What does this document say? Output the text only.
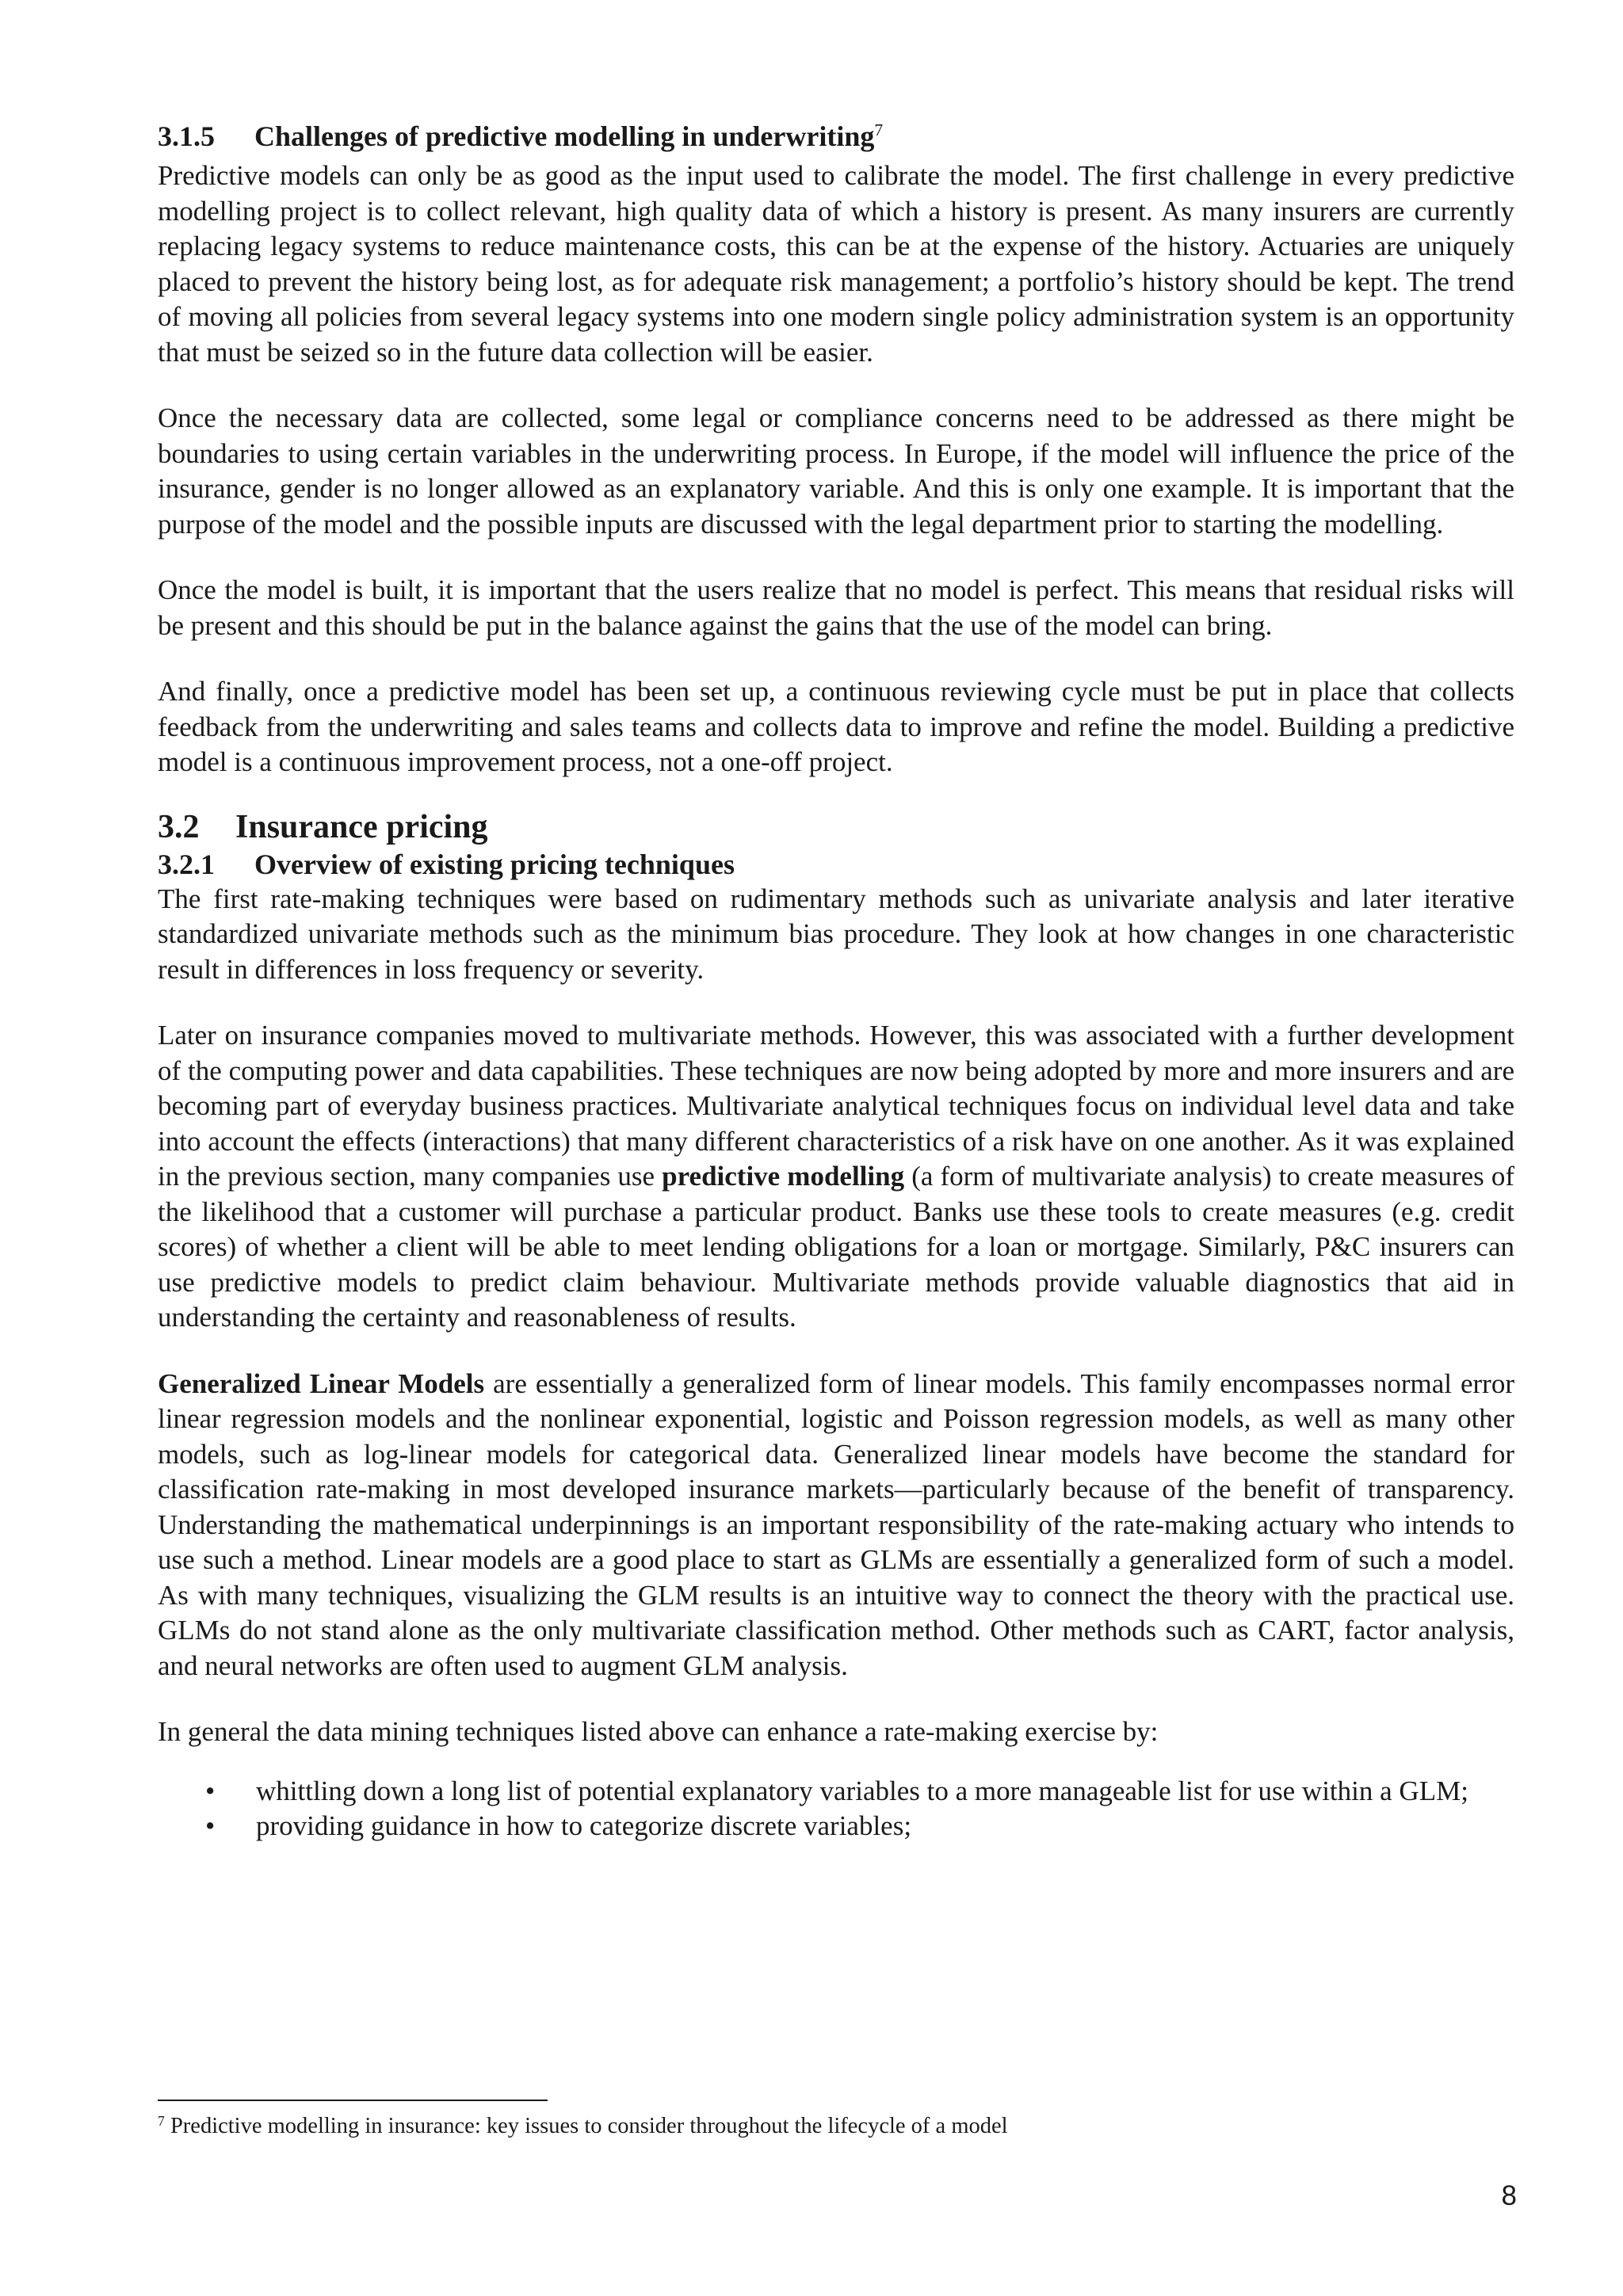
3.1.5 Challenges of predictive modelling in underwriting$^7$

Predictive models can only be as good as the input used to calibrate the model. The first challenge in every predictive modelling project is to collect relevant, high quality data of which a history is present. As many insurers are currently replacing legacy systems to reduce maintenance costs, this can be at the expense of the history. Actuaries are uniquely placed to prevent the history being lost, as for adequate risk management; a portfolio’s history should be kept. The trend of moving all policies from several legacy systems into one modern single policy administration system is an opportunity that must be seized so in the future data collection will be easier.

Once the necessary data are collected, some legal or compliance concerns need to be addressed as there might be boundaries to using certain variables in the underwriting process. In Europe, if the model will influence the price of the insurance, gender is no longer allowed as an explanatory variable. And this is only one example. It is important that the purpose of the model and the possible inputs are discussed with the legal department prior to starting the modelling.

Once the model is built, it is important that the users realize that no model is perfect. This means that residual risks will be present and this should be put in the balance against the gains that the use of the model can bring.

And finally, once a predictive model has been set up, a continuous reviewing cycle must be put in place that collects feedback from the underwriting and sales teams and collects data to improve and refine the model. Building a predictive model is a continuous improvement process, not a one-off project.

3.2 Insurance pricing
3.2.1 Overview of existing pricing techniques

The first rate-making techniques were based on rudimentary methods such as univariate analysis and later iterative standardized univariate methods such as the minimum bias procedure. They look at how changes in one characteristic result in differences in loss frequency or severity.

Later on insurance companies moved to multivariate methods. However, this was associated with a further development of the computing power and data capabilities. These techniques are now being adopted by more and more insurers and are becoming part of everyday business practices. Multivariate analytical techniques focus on individual level data and take into account the effects (interactions) that many different characteristics of a risk have on one another. As it was explained in the previous section, many companies use predictive modelling (a form of multivariate analysis) to create measures of the likelihood that a customer will purchase a particular product. Banks use these tools to create measures (e.g. credit scores) of whether a client will be able to meet lending obligations for a loan or mortgage. Similarly, P&C insurers can use predictive models to predict claim behaviour. Multivariate methods provide valuable diagnostics that aid in understanding the certainty and reasonableness of results.

Generalized Linear Models are essentially a generalized form of linear models. This family encompasses normal error linear regression models and the nonlinear exponential, logistic and Poisson regression models, as well as many other models, such as log-linear models for categorical data. Generalized linear models have become the standard for classification rate-making in most developed insurance markets—particularly because of the benefit of transparency. Understanding the mathematical underpinnings is an important responsibility of the rate-making actuary who intends to use such a method. Linear models are a good place to start as GLMs are essentially a generalized form of such a model. As with many techniques, visualizing the GLM results is an intuitive way to connect the theory with the practical use. GLMs do not stand alone as the only multivariate classification method. Other methods such as CART, factor analysis, and neural networks are often used to augment GLM analysis.

In general the data mining techniques listed above can enhance a rate-making exercise by:

• whittling down a long list of potential explanatory variables to a more manageable list for use within a GLM;

• providing guidance in how to categorize discrete variables;

$^7$ Predictive modelling in insurance: key issues to consider throughout the lifecycle of a model
8
